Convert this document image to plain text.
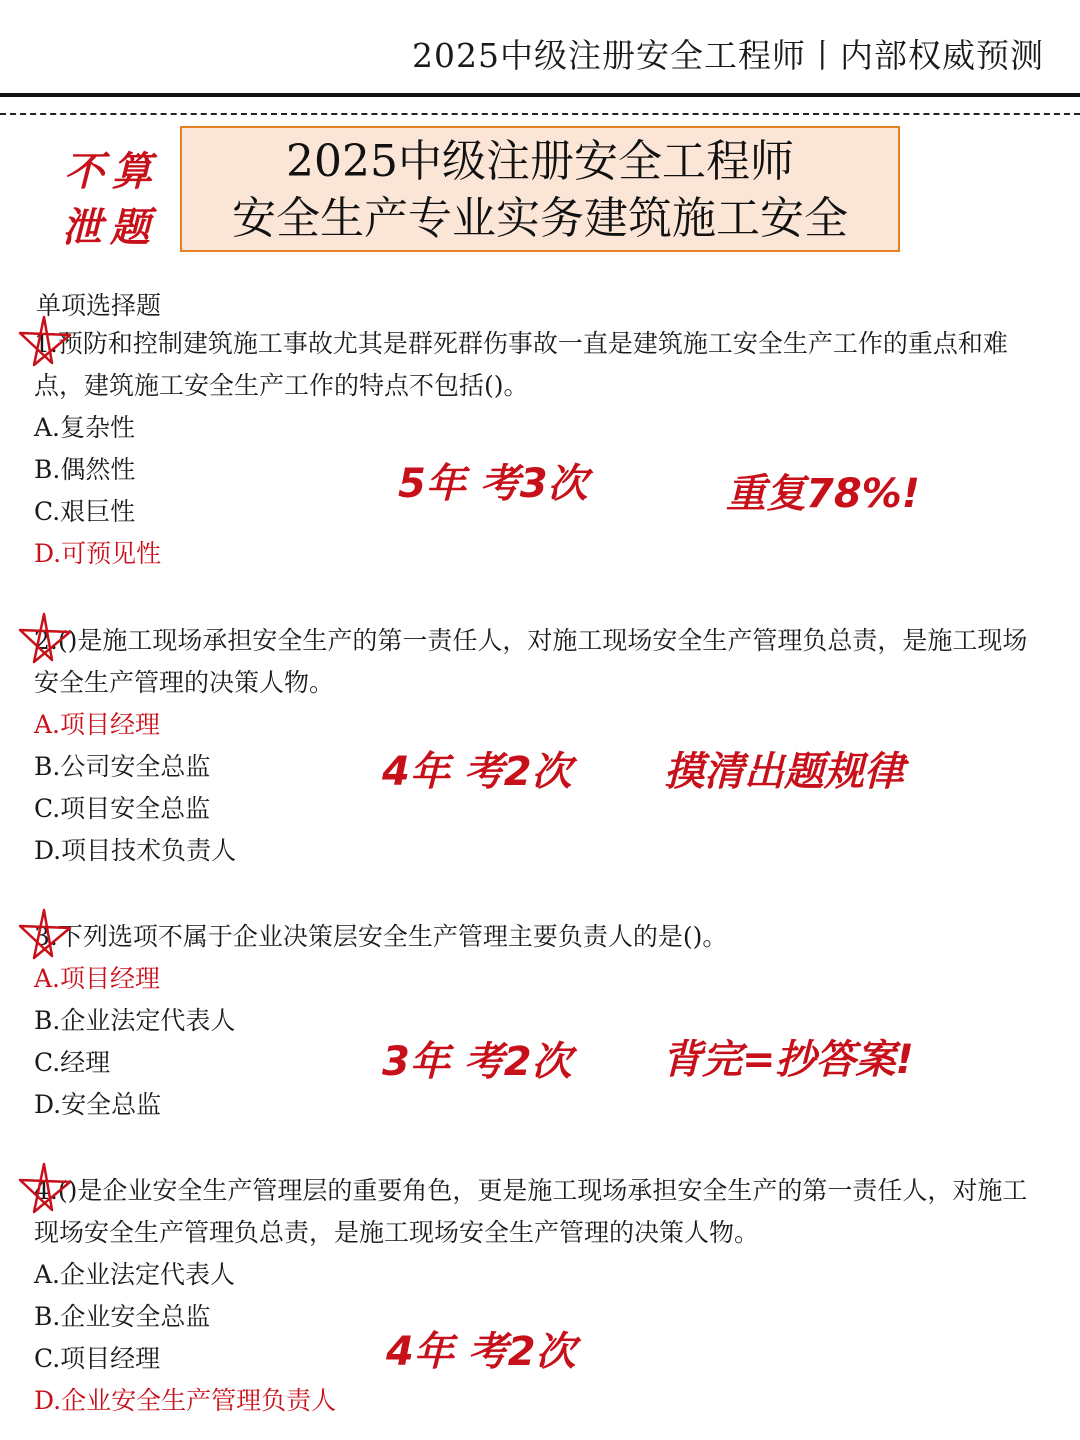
2025中级注册安全工程师丨内部权威预测
不算
泄题
2025中级注册安全工程师
安全生产专业实务建筑施工安全
单项选择题

1.预防和控制建筑施工事故尤其是群死群伤事故一直是建筑施工安全生产工作的重点和难点，建筑施工安全生产工作的特点不包括()。

A.复杂性

B.偶然性

C.艰巨性

D.可预见性

2.()是施工现场承担安全生产的第一责任人，对施工现场安全生产管理负总责，是施工现场安全生产管理的决策人物。

A.项目经理

B.公司安全总监

C.项目安全总监

D.项目技术负责人

3.下列选项不属于企业决策层安全生产管理主要负责人的是()。

A.项目经理

B.企业法定代表人

C.经理

D.安全总监

4.()是企业安全生产管理层的重要角色，更是施工现场承担安全生产的第一责任人，对施工现场安全生产管理负总责，是施工现场安全生产管理的决策人物。

A.企业法定代表人

B.企业安全总监

C.项目经理

D.企业安全生产管理负责人

5年 考3次	重复78%!
4年 考2次 摸清出题规律
3年 考2次 背完=抄答案!
4年 考2次
